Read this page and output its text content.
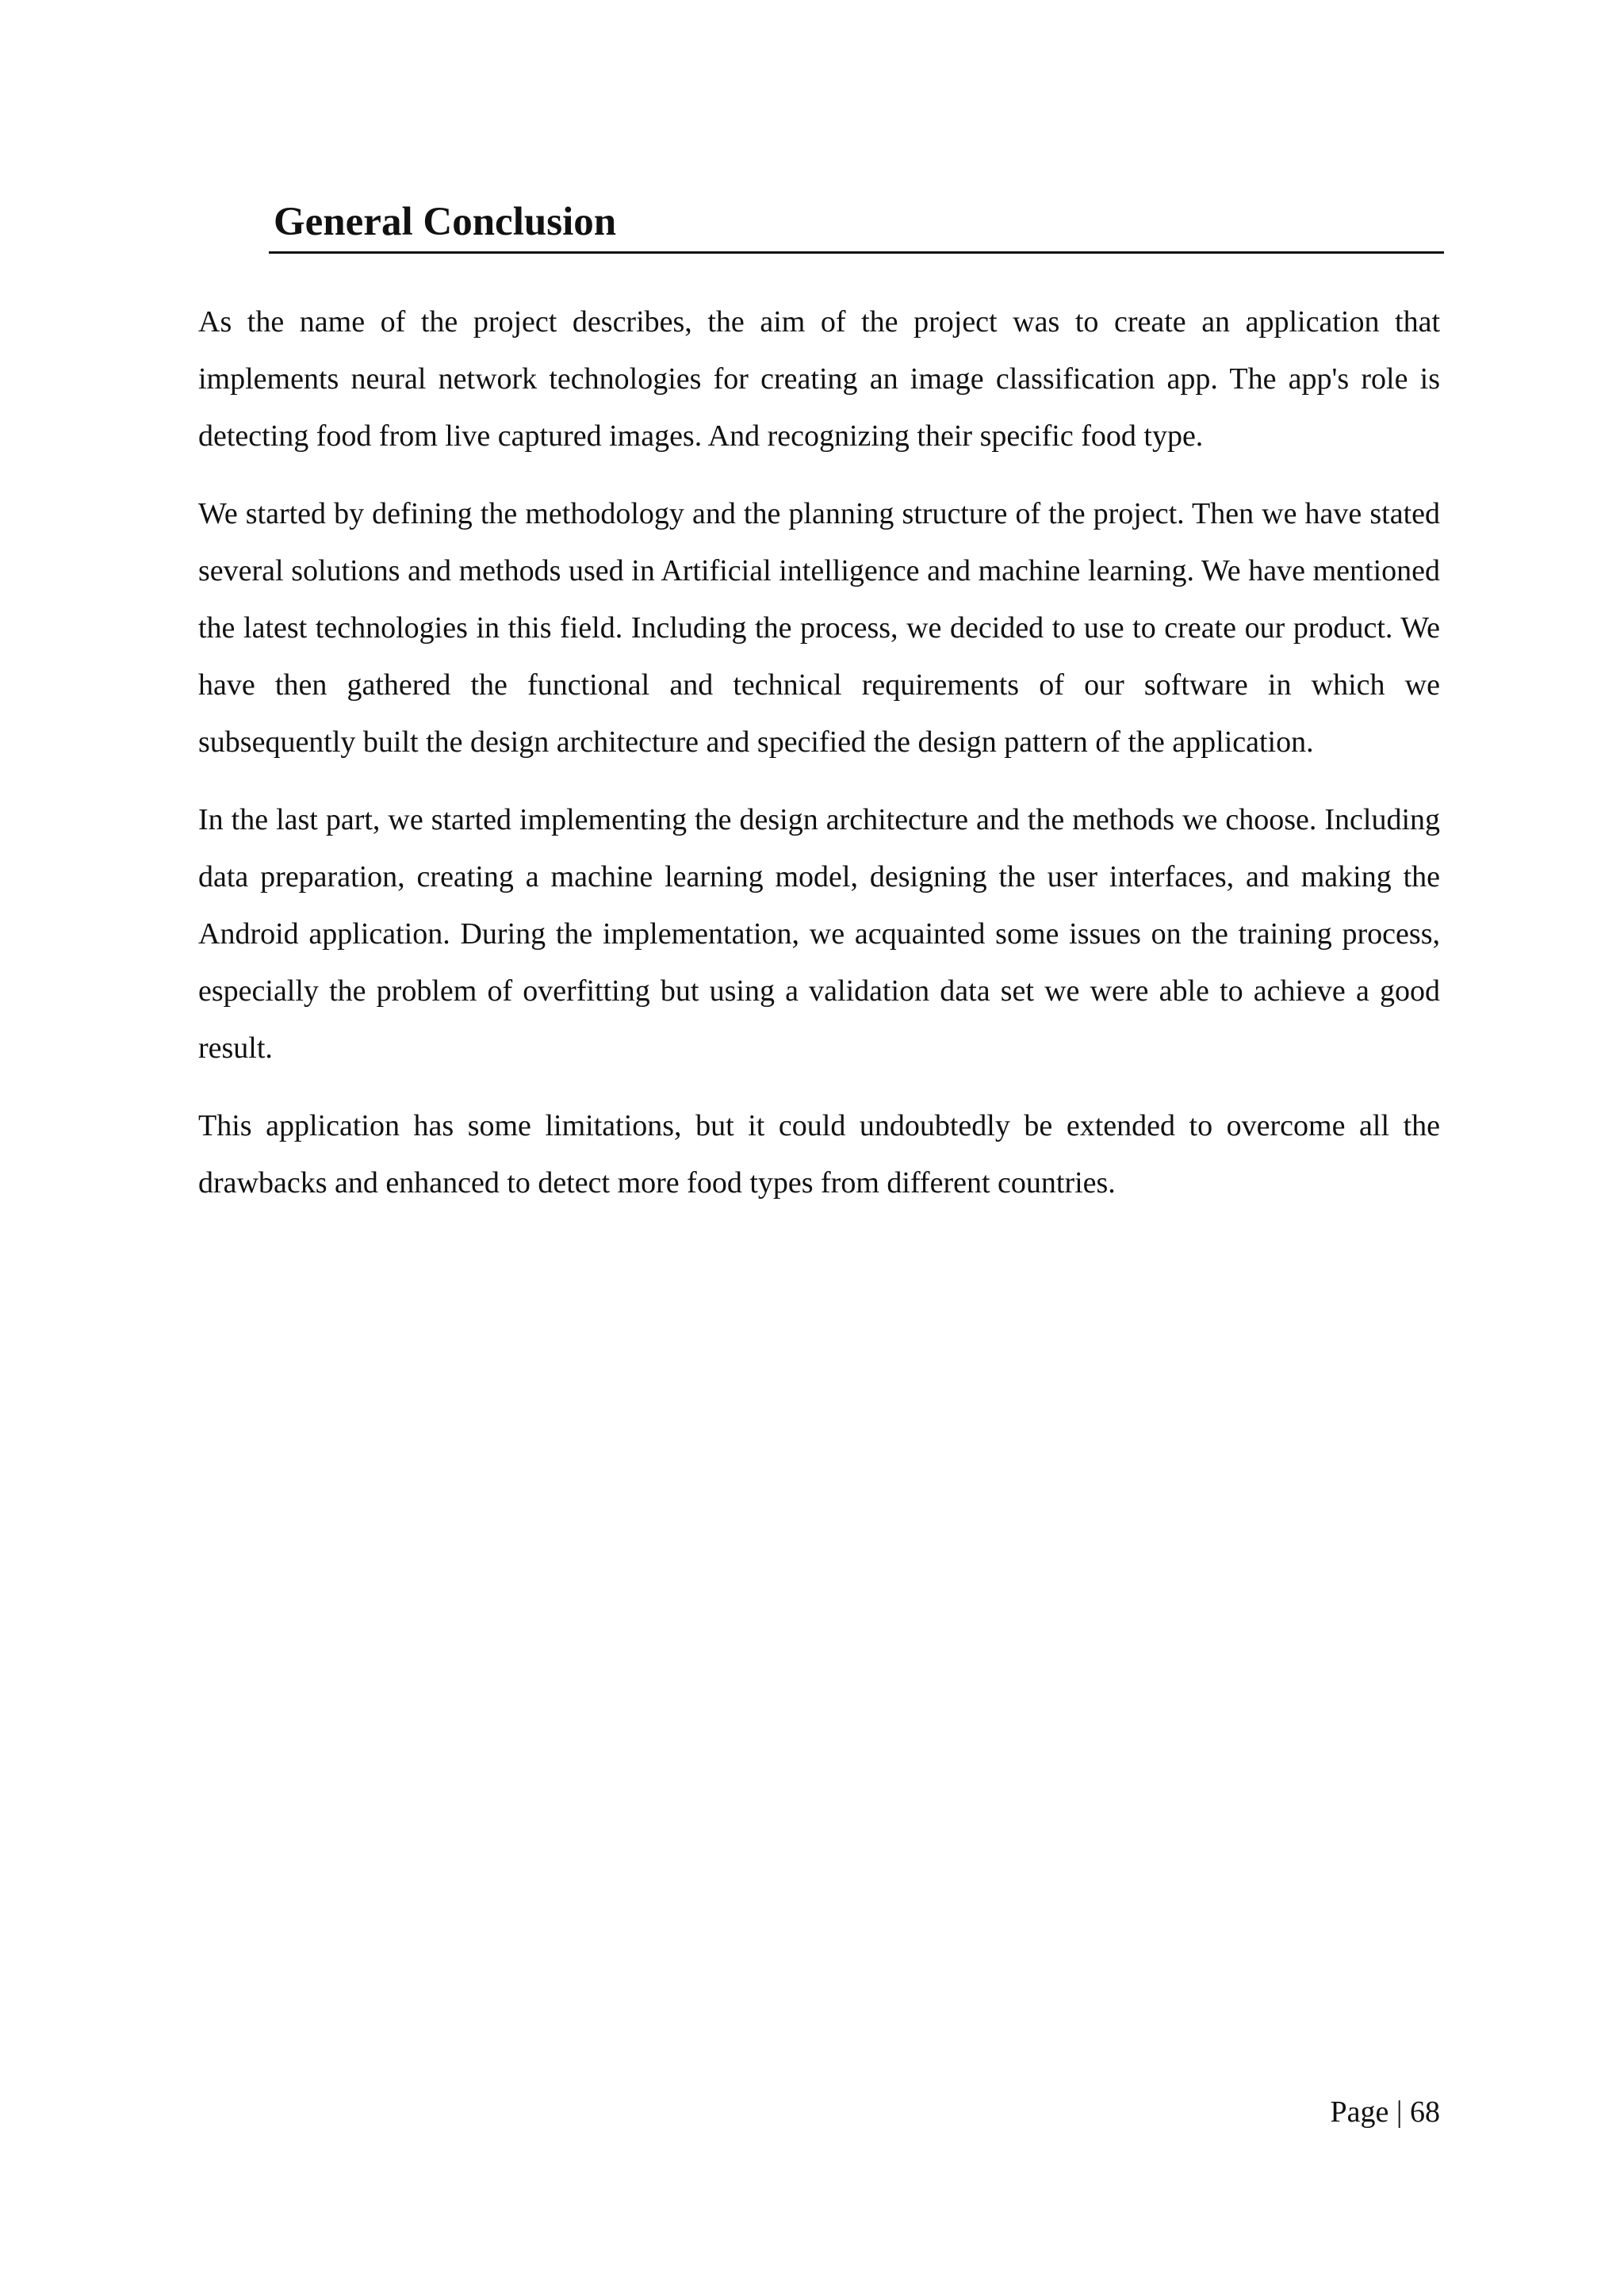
General Conclusion

As the name of the project describes, the aim of the project was to create an application that implements neural network technologies for creating an image classification app. The app's role is detecting food from live captured images. And recognizing their specific food type.

We started by defining the methodology and the planning structure of the project. Then we have stated several solutions and methods used in Artificial intelligence and machine learning. We have mentioned the latest technologies in this field. Including the process, we decided to use to create our product. We have then gathered the functional and technical requirements of our software in which we subsequently built the design architecture and specified the design pattern of the application.

In the last part, we started implementing the design architecture and the methods we choose. Including data preparation, creating a machine learning model, designing the user interfaces, and making the Android application. During the implementation, we acquainted some issues on the training process, especially the problem of overfitting but using a validation data set we were able to achieve a good result.

This application has some limitations, but it could undoubtedly be extended to overcome all the drawbacks and enhanced to detect more food types from different countries.

Page | 68
